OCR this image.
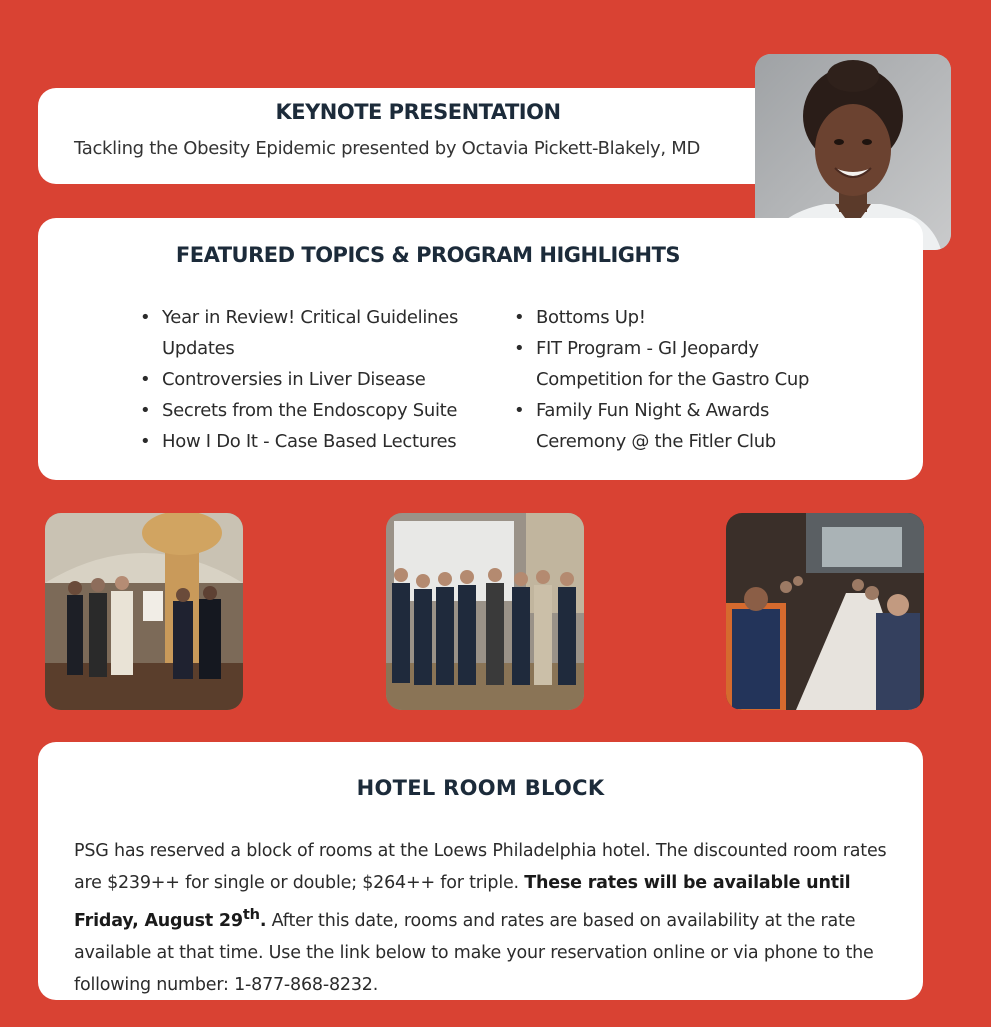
KEYNOTE PRESENTATION
Tackling the Obesity Epidemic presented by Octavia Pickett-Blakely, MD
FEATURED TOPICS & PROGRAM HIGHLIGHTS
• Year in Review! Critical Guidelines Updates
• Controversies in Liver Disease
• Secrets from the Endoscopy Suite
• How I Do It - Case Based Lectures
• Bottoms Up!
• FIT Program - GI Jeopardy Competition for the Gastro Cup
• Family Fun Night & Awards Ceremony @ the Fitler Club
HOTEL ROOM BLOCK
PSG has reserved a block of rooms at the Loews Philadelphia hotel. The discounted room rates are $239++ for single or double; $264++ for triple. These rates will be available until Friday, August 29th. After this date, rooms and rates are based on availability at the rate available at that time. Use the link below to make your reservation online or via phone to the following number: 1-877-868-8232.
